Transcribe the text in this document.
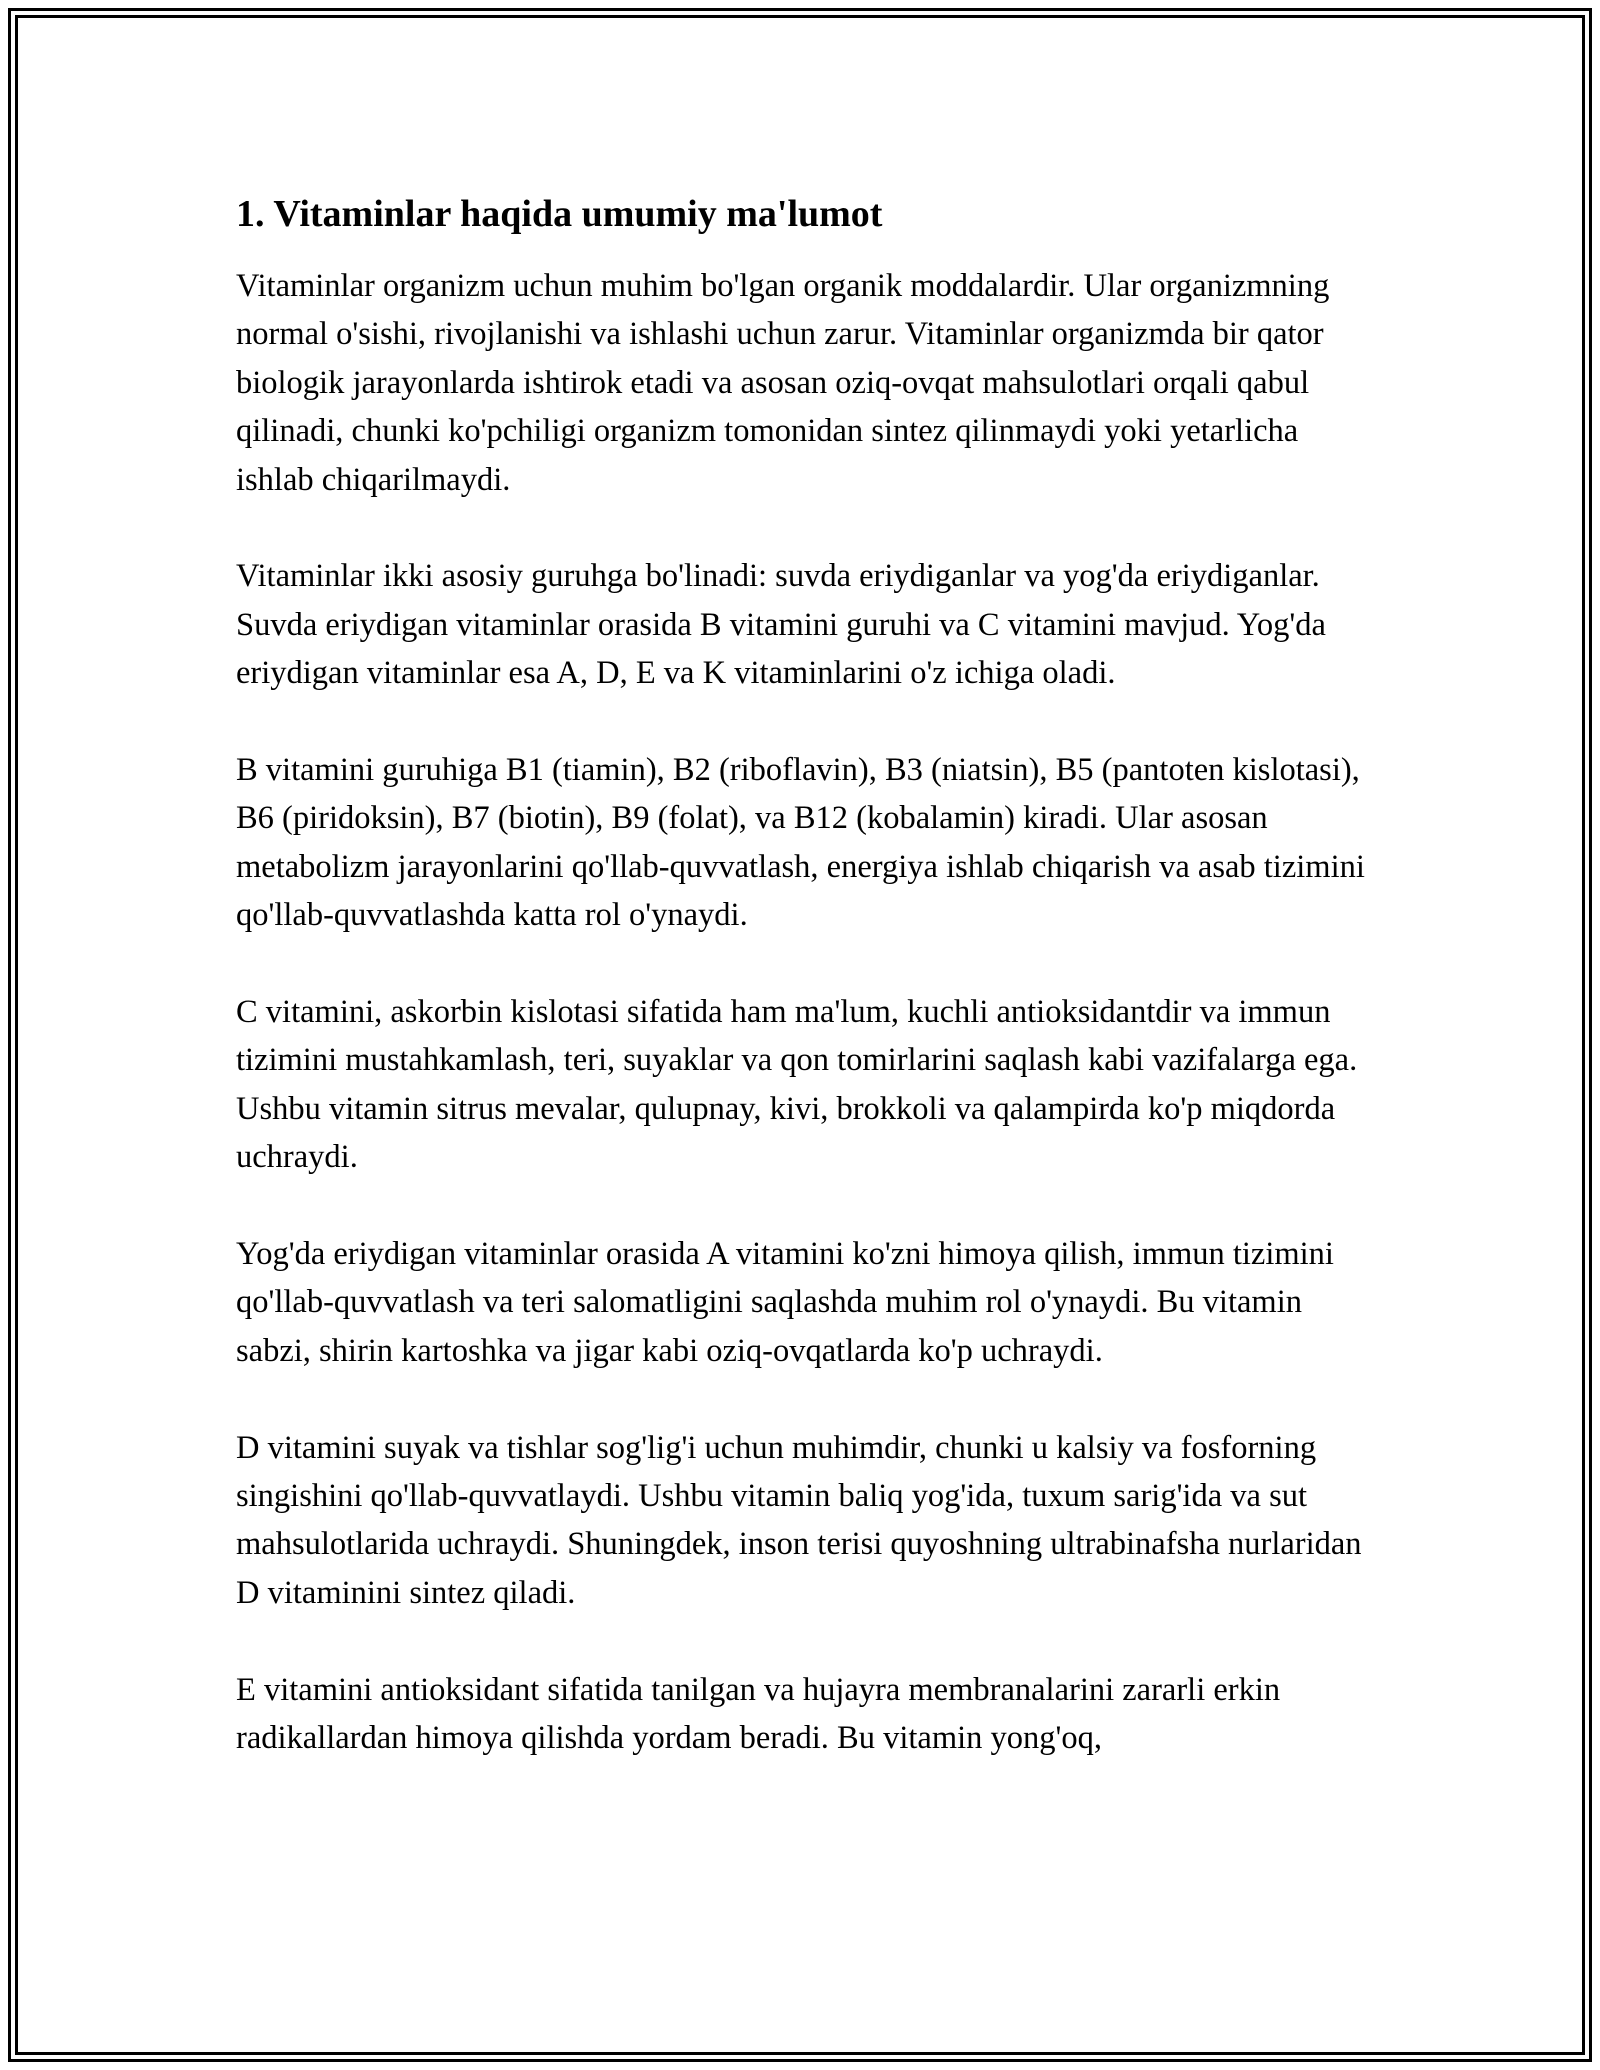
1. Vitaminlar haqida umumiy ma'lumot

Vitaminlar organizm uchun muhim bo'lgan organik moddalardir. Ular organizmning normal o'sishi, rivojlanishi va ishlashi uchun zarur. Vitaminlar organizmda bir qator biologik jarayonlarda ishtirok etadi va asosan oziq-ovqat mahsulotlari orqali qabul qilinadi, chunki ko'pchiligi organizm tomonidan sintez qilinmaydi yoki yetarlicha ishlab chiqarilmaydi.

Vitaminlar ikki asosiy guruhga bo'linadi: suvda eriydiganlar va yog'da eriydiganlar. Suvda eriydigan vitaminlar orasida B vitamini guruhi va C vitamini mavjud. Yog'da eriydigan vitaminlar esa A, D, E va K vitaminlarini o'z ichiga oladi.

B vitamini guruhiga B1 (tiamin), B2 (riboflavin), B3 (niatsin), B5 (pantoten kislotasi), B6 (piridoksin), B7 (biotin), B9 (folat), va B12 (kobalamin) kiradi. Ular asosan metabolizm jarayonlarini qo'llab-quvvatlash, energiya ishlab chiqarish va asab tizimini qo'llab-quvvatlashda katta rol o'ynaydi.

C vitamini, askorbin kislotasi sifatida ham ma'lum, kuchli antioksidantdir va immun tizimini mustahkamlash, teri, suyaklar va qon tomirlarini saqlash kabi vazifalarga ega. Ushbu vitamin sitrus mevalar, qulupnay, kivi, brokkoli va qalampirda ko'p miqdorda uchraydi.

Yog'da eriydigan vitaminlar orasida A vitamini ko'zni himoya qilish, immun tizimini qo'llab-quvvatlash va teri salomatligini saqlashda muhim rol o'ynaydi. Bu vitamin sabzi, shirin kartoshka va jigar kabi oziq-ovqatlarda ko'p uchraydi.

D vitamini suyak va tishlar sog'lig'i uchun muhimdir, chunki u kalsiy va fosforning singishini qo'llab-quvvatlaydi. Ushbu vitamin baliq yog'ida, tuxum sarig'ida va sut mahsulotlarida uchraydi. Shuningdek, inson terisi quyoshning ultrabinafsha nurlaridan D vitaminini sintez qiladi.

E vitamini antioksidant sifatida tanilgan va hujayra membranalarini zararli erkin radikallardan himoya qilishda yordam beradi. Bu vitamin yong'oq,
